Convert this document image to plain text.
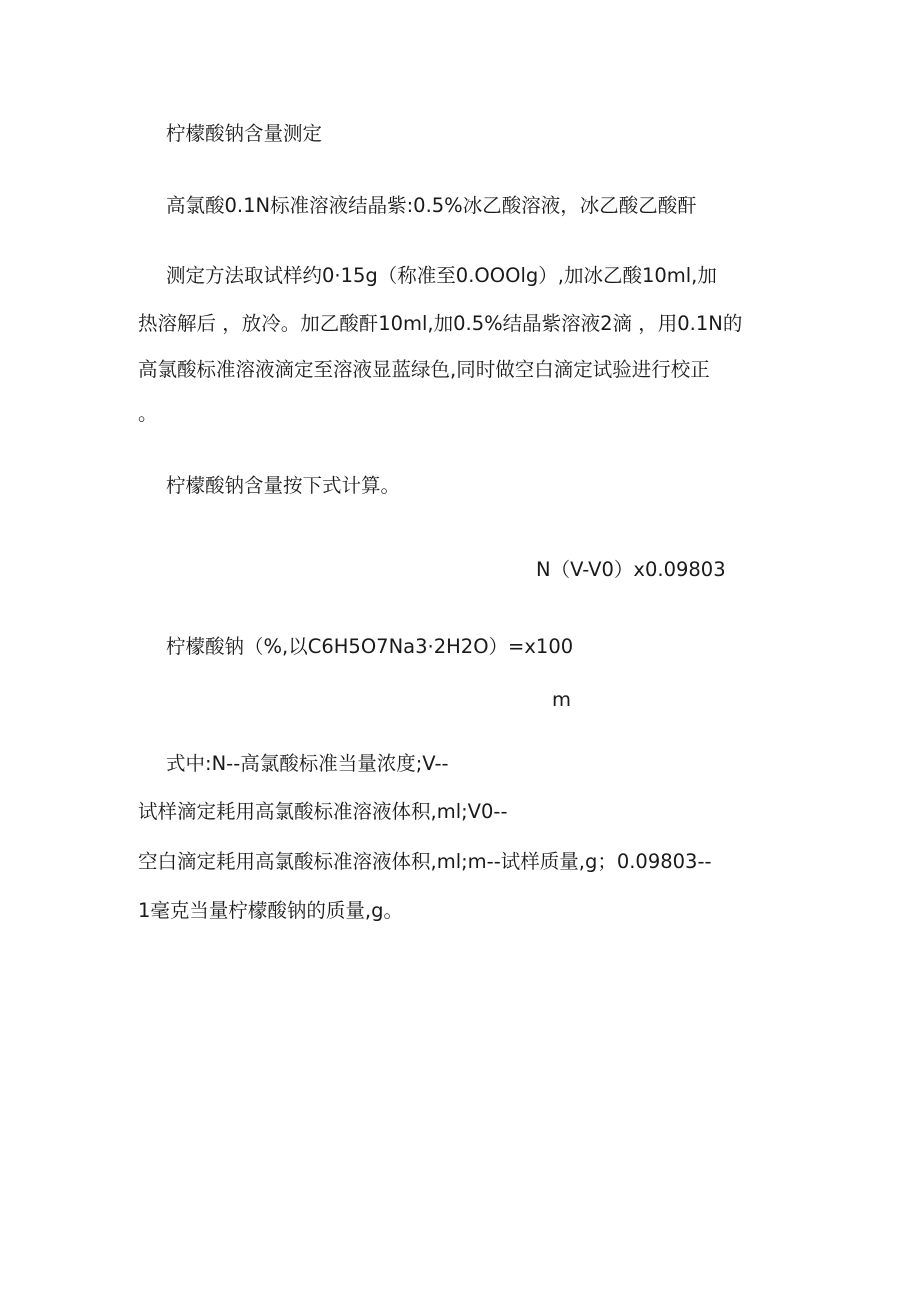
柠檬酸钠含量测定
高氯酸0.1N标准溶液结晶紫:0.5%冰乙酸溶液，冰乙酸乙酸酐
测定方法取试样约0·15g（称准至0.OOOlg）,加冰乙酸10ml,加
热溶解后 ，放冷。加乙酸酐10ml,加0.5%结晶紫溶液2滴 ，用0.1N的
高氯酸标准溶液滴定至溶液显蓝绿色,同时做空白滴定试验进行校正
。
柠檬酸钠含量按下式计算。
N（V-V0）x0.09803
柠檬酸钠（%,以C6H5O7Na3·2H2O）=x100
m
式中:N--高氯酸标准当量浓度;V--
试样滴定耗用高氯酸标准溶液体积,ml;V0--
空白滴定耗用高氯酸标准溶液体积,ml;m--试样质量,g；0.09803--
1毫克当量柠檬酸钠的质量,g。
